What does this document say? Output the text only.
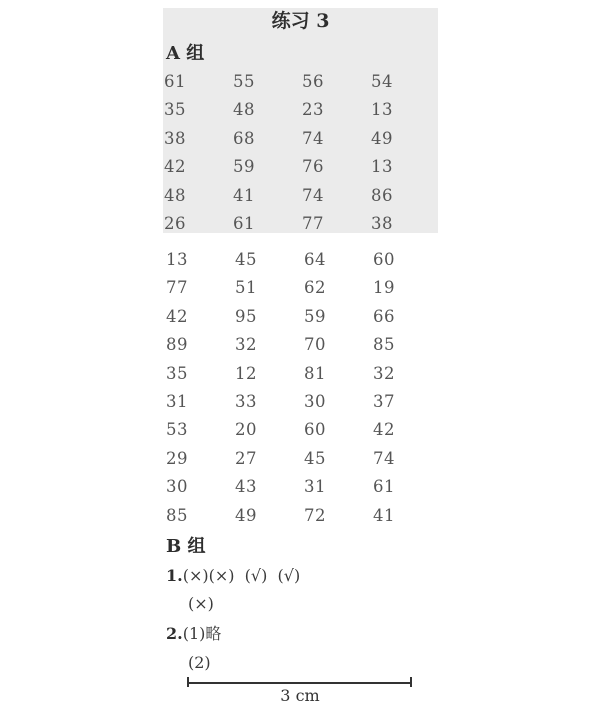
练习 3
A 组
61	55	56	54
35	48	23	13
38	68	74	49
42	59	76	13
48	41	74	86
26	61	77	38
13	45	64	60
77	51	62	19
42	95	59	66
89	32	70	85
35	12	81	32
31	33	30	37
53	20	60	42
29	27	45	74
30	43	31	61
85	49	72	41
B 组
1.(×)(×)  (√)  (√)
(×)
2.(1)略
(2)
3 cm
